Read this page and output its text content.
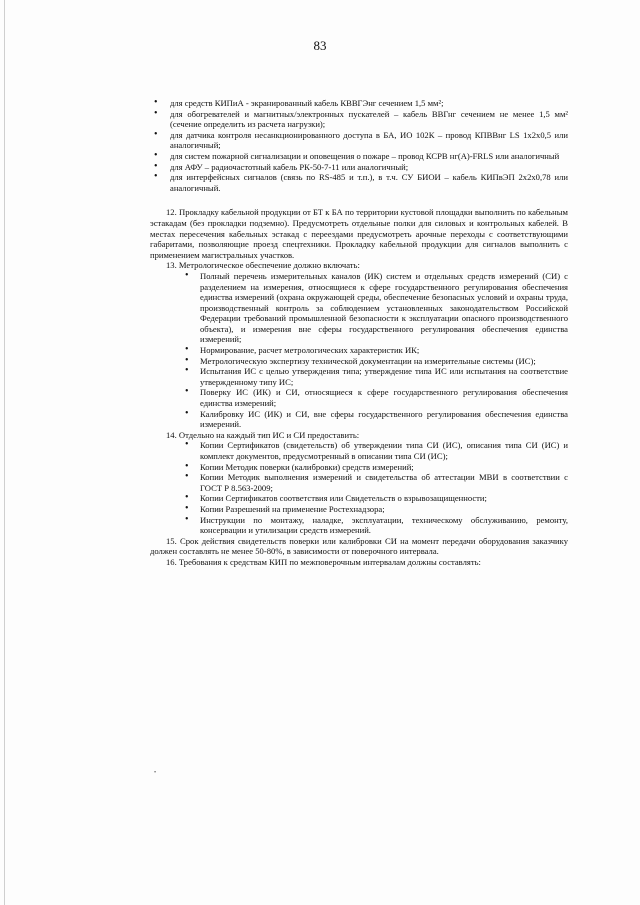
83
• для средств КИПиА - экранированный кабель КВВГЭнг сечением 1,5 мм²;
• для обогревателей и магнитных/электронных пускателей – кабель ВВГнг сечением не менее 1,5 мм² (сечение определить из расчета нагрузки);
• для датчика контроля несанкционированного доступа в БА, ИО 102К – провод КПВВнг LS 1x2x0,5 или аналогичный;
• для систем пожарной сигнализации и оповещения о пожаре – провод КСРВ нг(А)-FRLS или аналогичный
• для АФУ – радиочастотный кабель РК-50-7-11 или аналогичный;
• для интерфейсных сигналов (связь по RS-485 и т.п.), в т.ч. СУ БИОИ – кабель КИПвЭП 2x2x0,78 или аналогичный.

12. Прокладку кабельной продукции от БТ к БА по территории кустовой площадки выполнить по кабельным эстакадам (без прокладки подземно). Предусмотреть отдельные полки для силовых и контрольных кабелей. В местах пересечения кабельных эстакад с переездами предусмотреть арочные переходы с соответствующими габаритами, позволяющие проезд спецтехники. Прокладку кабельной продукции для сигналов выполнить с применением магистральных участков.

13. Метрологическое обеспечение должно включать:

• Полный перечень измерительных каналов (ИК) систем и отдельных средств измерений (СИ) с разделением на измерения, относящиеся к сфере государственного регулирования обеспечения единства измерений (охрана окружающей среды, обеспечение безопасных условий и охраны труда, производственный контроль за соблюдением установленных законодательством Российской Федерации требований промышленной безопасности к эксплуатации опасного производственного объекта), и измерения вне сферы государственного регулирования обеспечения единства измерений;
• Нормирование, расчет метрологических характеристик ИК;
• Метрологическую экспертизу технической документации на измерительные системы (ИС);
• Испытания ИС с целью утверждения типа; утверждение типа ИС или испытания на соответствие утвержденному типу ИС;
• Поверку ИС (ИК) и СИ, относящиеся к сфере государственного регулирования обеспечения единства измерений;
• Калибровку ИС (ИК) и СИ, вне сферы государственного регулирования обеспечения единства измерений.

14. Отдельно на каждый тип ИС и СИ предоставить:

• Копии Сертификатов (свидетельств) об утверждении типа СИ (ИС), описания типа СИ (ИС) и комплект документов, предусмотренный в описании типа СИ (ИС);
• Копии Методик поверки (калибровки) средств измерений;
• Копии Методик выполнения измерений и свидетельства об аттестации МВИ в соответствии с ГОСТ Р 8.563-2009;
• Копии Сертификатов соответствия или Свидетельств о взрывозащищенности;
• Копии Разрешений на применение Ростехнадзора;
• Инструкции по монтажу, наладке, эксплуатации, техническому обслуживанию, ремонту, консервации и утилизации средств измерений.

15. Срок действия свидетельств поверки или калибровки СИ на момент передачи оборудования заказчику должен составлять не менее 50-80%, в зависимости от поверочного интервала.

16. Требования к средствам КИП по межповерочным интервалам должны составлять:

•
